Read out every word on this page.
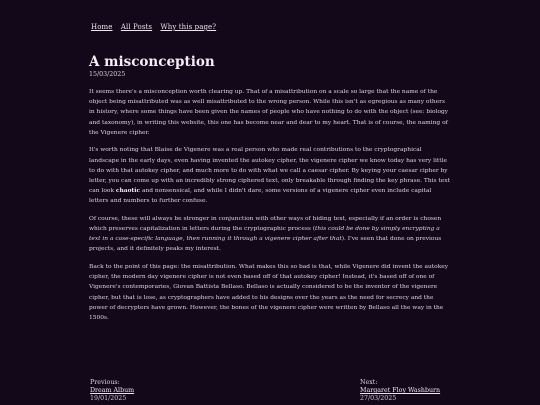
Home All Posts Why this page?
A misconception
15/03/2025

It seems there's a misconception worth clearing up. That of a misattribution on a scale so large that the name of the object being misattributed was as well misattributed to the wrong person. While this isn't as egregious as many others in history, where some things have been given the names of people who have nothing to do with the object (see: biology and taxonomy), in writing this website, this one has become near and dear to my heart. That is of course, the naming of the Vigenere cipher.

It's worth noting that Blaise de Vigenere was a real person who made real contributions to the cryptographical landscape in the early days, even having invented the autokey cipher, the vigenere cipher we know today has very little to do with that autokey cipher, and much more to do with what we call a caesar cipher. By keying your caesar cipher by letter, you can come up with an incredibly strong ciphered text, only breakable through finding the key phrase. This text can look chaotic and nonsensical, and while I didn't dare, some versions of a vigenere cipher even include capital letters and numbers to further confuse.

Of course, these will always be stronger in conjunction with other ways of hiding text, especially if an order is chosen which preserves capitalization in letters during the cryptographic process (this could be done by simply encrypting a text in a case-specific language, then running it through a vigenere cipher after that). I've seen that done on previous projects, and it definitely peaks my interest.

Back to the point of this page: the misattribution. What makes this so bad is that, while Vigenere did invent the autokey cipher, the modern day vigenere cipher is not even based off of that autokey cipher! Instead, it's based off of one of Vigenere's contemporaries, Giovan Battista Bellaso. Bellaso is actually considered to be the inventor of the vigenere cipher, but that is lose, as cryptographers have added to his designs over the years as the need for secrecy and the power of decrypters have grown. However, the bones of the vigenere cipher were written by Bellaso all the way in the 1500s.

Previous:
Dream Album
19/01/2025
Next:
Margaret Floy Washburn
27/03/2025
